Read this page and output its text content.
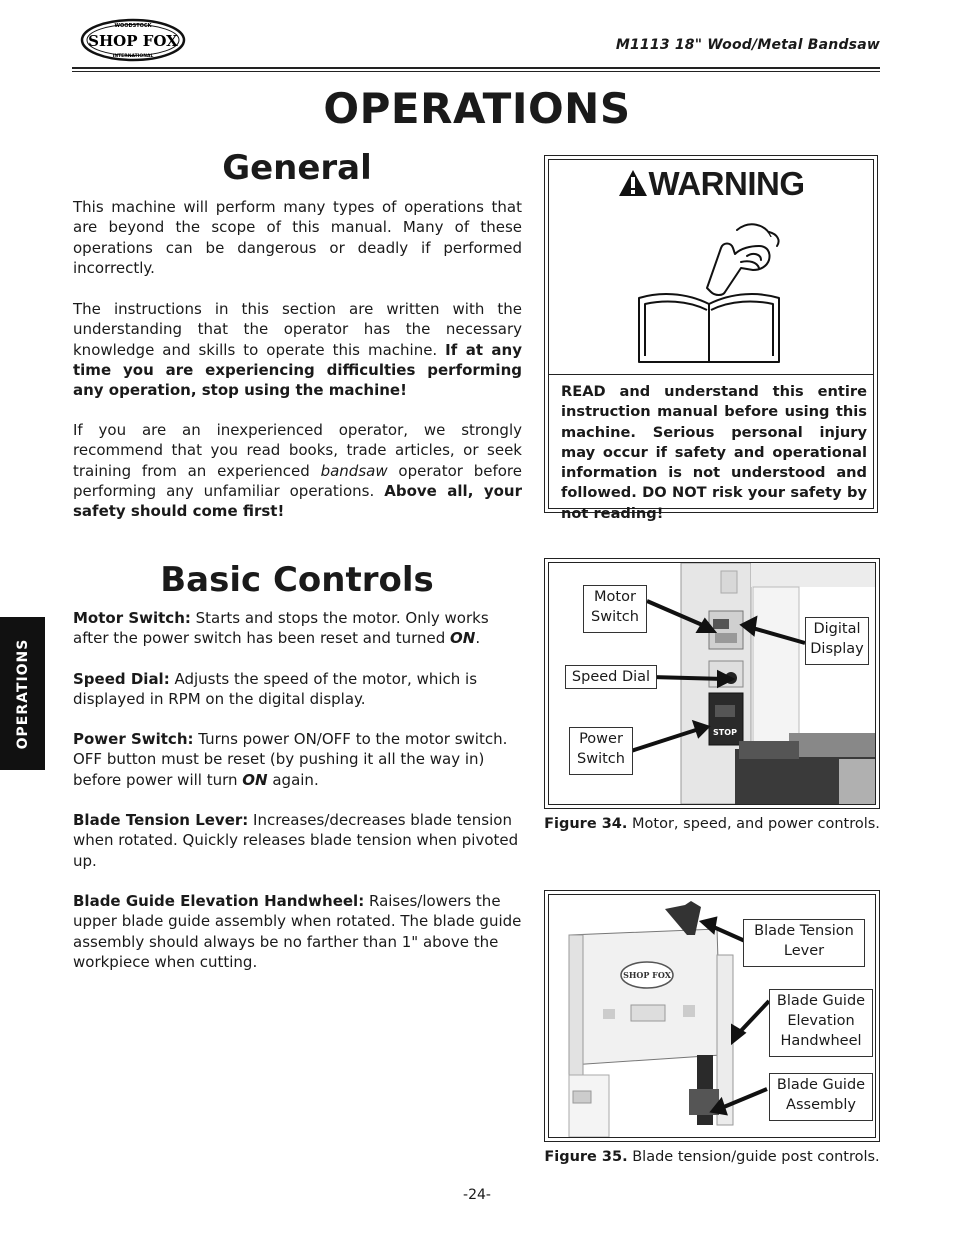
WOODSTOCK
SHOP FOX
INTERNATIONAL
M1113 18" Wood/Metal Bandsaw
OPERATIONS
General
This machine will perform many types of operations that are beyond the scope of this manual. Many of these operations can be dangerous or deadly if performed incorrectly.
The instructions in this section are written with the understanding that the operator has the necessary knowledge and skills to operate this machine. If at any time you are experiencing difficulties performing any operation, stop using the machine!
If you are an inexperienced operator, we strongly recommend that you read books, trade articles, or seek training from an experienced bandsaw operator before performing any unfamiliar operations. Above all, your safety should come first!
WARNING
READ and understand this entire instruction manual before using this machine. Serious personal injury may occur if safety and operational information is not understood and followed. DO NOT risk your safety by not reading!
OPERATIONS
Basic Controls
Motor Switch: Starts and stops the motor. Only works after the power switch has been reset and turned ON.
Speed Dial: Adjusts the speed of the motor, which is displayed in RPM on the digital display.
Power Switch: Turns power ON/OFF to the motor switch. OFF button must be reset (by pushing it all the way in) before power will turn ON again.
Blade Tension Lever: Increases/decreases blade tension when rotated. Quickly releases blade tension when pivoted up.
Blade Guide Elevation Handwheel: Raises/lowers the upper blade guide assembly when rotated. The blade guide assembly should always be no farther than 1" above the workpiece when cutting.
STOP
Motor Switch
Digital Display
Speed Dial
Power Switch
Figure 34. Motor, speed, and power controls.
SHOP FOX
Blade Tension Lever
Blade Guide Elevation Handwheel
Blade Guide Assembly
Figure 35. Blade tension/guide post controls.
-24-
